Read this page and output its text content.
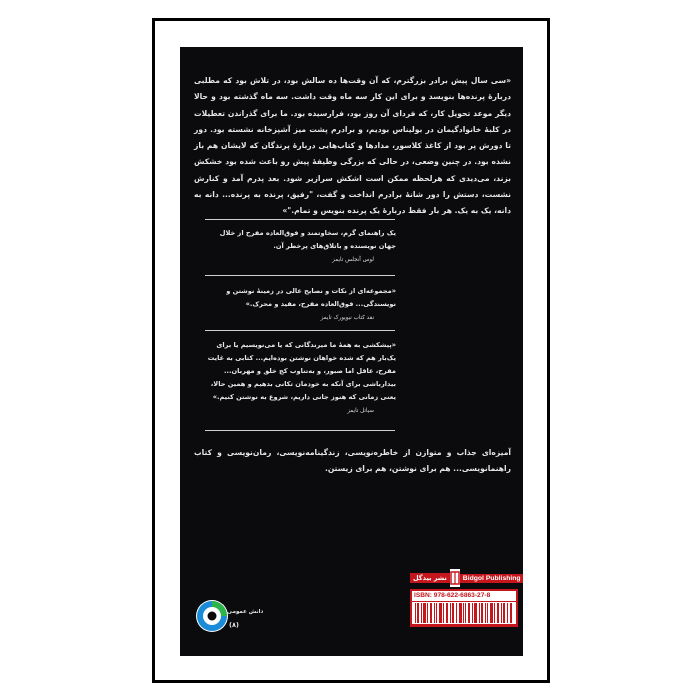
«سی سال پیش برادر بزرگترم، که آن وقت‌ها ده سالش بود، در تلاش بود که مطلبی دربارهٔ پرنده‌ها بنویسد و برای این کار سه ماه وقت داشت. سه ماه گذشته بود و حالا دیگر موعد تحویل کار، که فردای آن روز بود، فرارسیده بود. ما برای گذراندن تعطیلات در کلبهٔ خانوادگیمان در بولیناس بودیم، و برادرم پشت میز آشپزخانه نشسته بود. دور تا دورش پر بود از کاغذ کلاسور، مدادها و کتاب‌هایی دربارهٔ پرندگان که لایشان هم باز نشده بود. در چنین وضعی، در حالی که بزرگی وظیفهٔ پیش رو باعث شده بود خشکش بزند، می‌دیدی که هرلحظه ممکن است اشکش سرازیر شود. بعد پدرم آمد و کنارش نشست، دستش را دور شانهٔ برادرم انداخت و گفت، "رفیق، پرنده به پرنده... دانه به دانه، یک به یک. هر بار فقط دربارهٔ یک پرنده بنویس و تمام."»
یک راهنمای گرم، سخاوتمند و فوق‌العاده مفرح از خلال جهان نویسنده و باتلاق‌های پرخطر آن.
لوس آنجلس تایمز
«مجموعه‌ای از نکات و نصایح عالی در زمینهٔ نوشتن و نویسندگی... فوق‌العاده مفرح، مفید و محرک.»
نقد کتاب نیویورک تایمز
«پیشکشی به همهٔ ما میرندگانی که یا می‌نویسیم یا برای یک‌بار هم که شده خواهان نوشتن بوده‌ایم... کتابی به غایت مفرح، عاقل اما صبور، و به‌تناوب کج خلق و مهربان... بیدارباشی برای آنکه به خودمان تکانی بدهیم و همین حالا، یعنی زمانی که هنوز جانی داریم، شروع به نوشتن کنیم.»
سیاتل تایمز
آمیزه‌ای جذاب و متوازن از خاطره‌نویسی، زندگینامه‌نویسی، رمان‌نویسی و کتاب راهنمانویسی... هم برای نوشتن، هم برای زیستن.
دانش عمومی
(۸)
نشر بیدگل	Bidgol Publishing
ISBN: 978-622-6863-27-8
